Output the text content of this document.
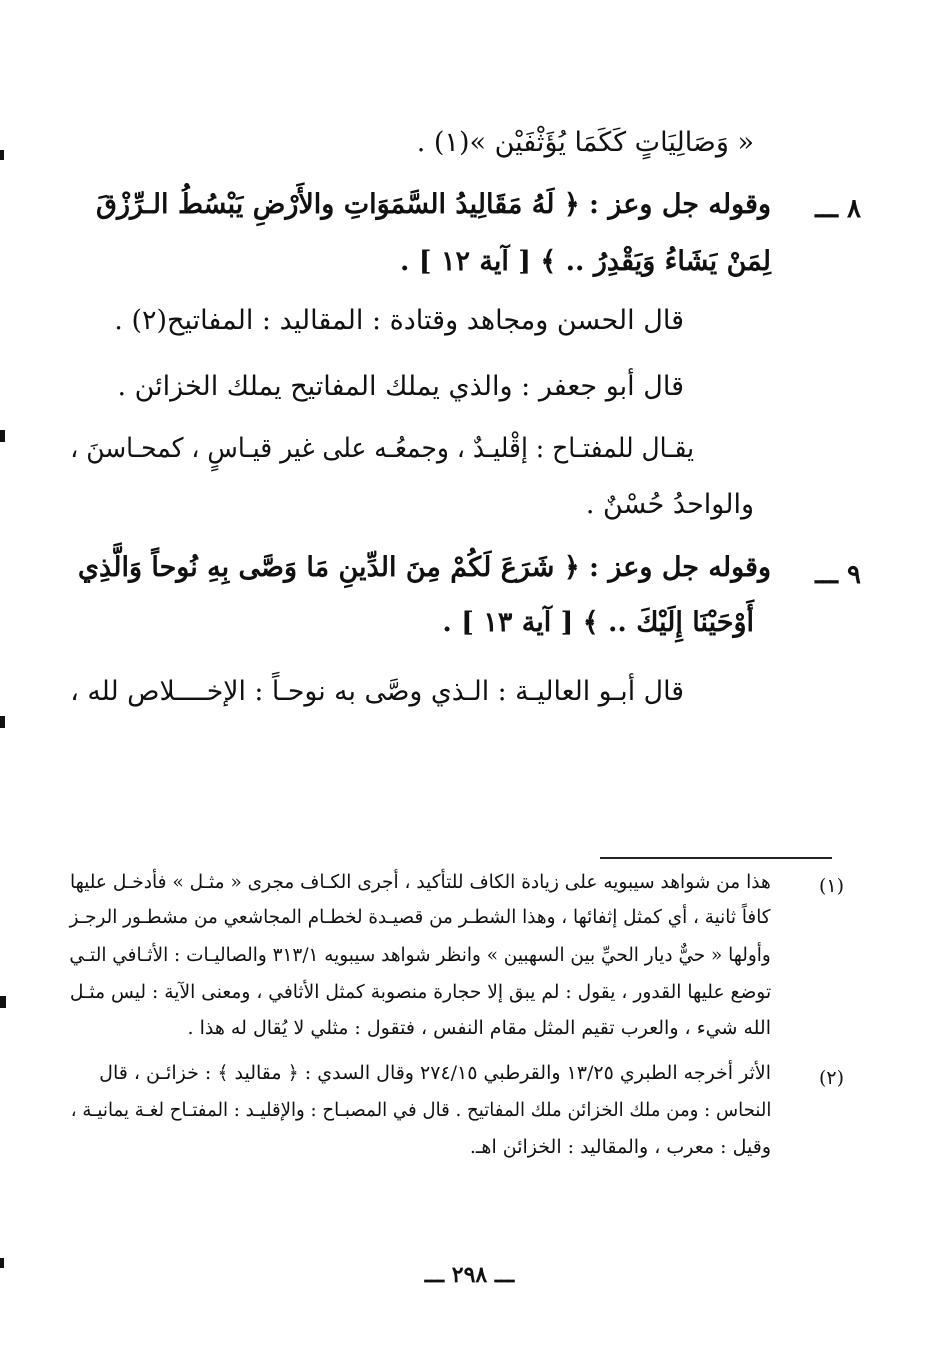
« وَصَالِيَاتٍ كَكَمَا يُؤَثْفَيْن »(١) .
٨ ـــ
وقوله جل وعز : ﴿ لَهُ مَقَالِيدُ السَّمَوَاتِ والأَرْضِ يَبْسُطُ الـرِّزْقَ
لِمَنْ يَشَاءُ وَيَقْدِرُ .. ﴾ [ آية ١٢ ] .
قال الحسن ومجاهد وقتادة : المقاليد : المفاتيح(٢) .
قال أبو جعفر : والذي يملك المفاتيح يملك الخزائن .
يقـال للمفتـاح : إقْليـدٌ ، وجمعُـه على غير قيـاسٍ ، كمحـاسنَ ،
والواحدُ حُسْنٌ .
٩ ـــ
وقوله جل وعز : ﴿ شَرَعَ لَكُمْ مِنَ الدِّينِ مَا وَصَّى بِهِ نُوحاً وَالَّذِي
أَوْحَيْنَا إِلَيْكَ .. ﴾ [ آية ١٣ ] .
قال أبـو العاليـة : الـذي وصَّى به نوحـاً : الإخــــلاص لله ،
(١)
هذا من شواهد سيبويه على زيادة الكاف للتأكيد ، أجرى الكـاف مجرى « مثـل » فأدخـل عليها
كافاً ثانية ، أي كمثل إثفائها ، وهذا الشطـر من قصيـدة لخطـام المجاشعي من مشطـور الرجـز
وأولها « حيٌّ ديار الحيِّ بين السهبين » وانظر شواهد سيبويه ٣١٣/١ والصاليـات : الأثـافي التـي
توضع عليها القدور ، يقول : لم يبق إلا حجارة منصوبة كمثل الأثافي ، ومعنى الآية : ليس مثـل
الله شيء ، والعرب تقيم المثل مقام النفس ، فتقول : مثلي لا يُقال له هذا .
(٢)
الأثر أخرجه الطبري ١٣/٢٥ والقرطبي ٢٧٤/١٥ وقال السدي : ﴿ مقاليد ﴾ : خزائـن ، قال
النحاس : ومن ملك الخزائن ملك المفاتيح . قال في المصبـاح : والإقليـد : المفتـاح لغـة يمانيـة ،
وقيل : معرب ، والمقاليد : الخزائن اهـ.
ـــ ٢٩٨ ـــ
